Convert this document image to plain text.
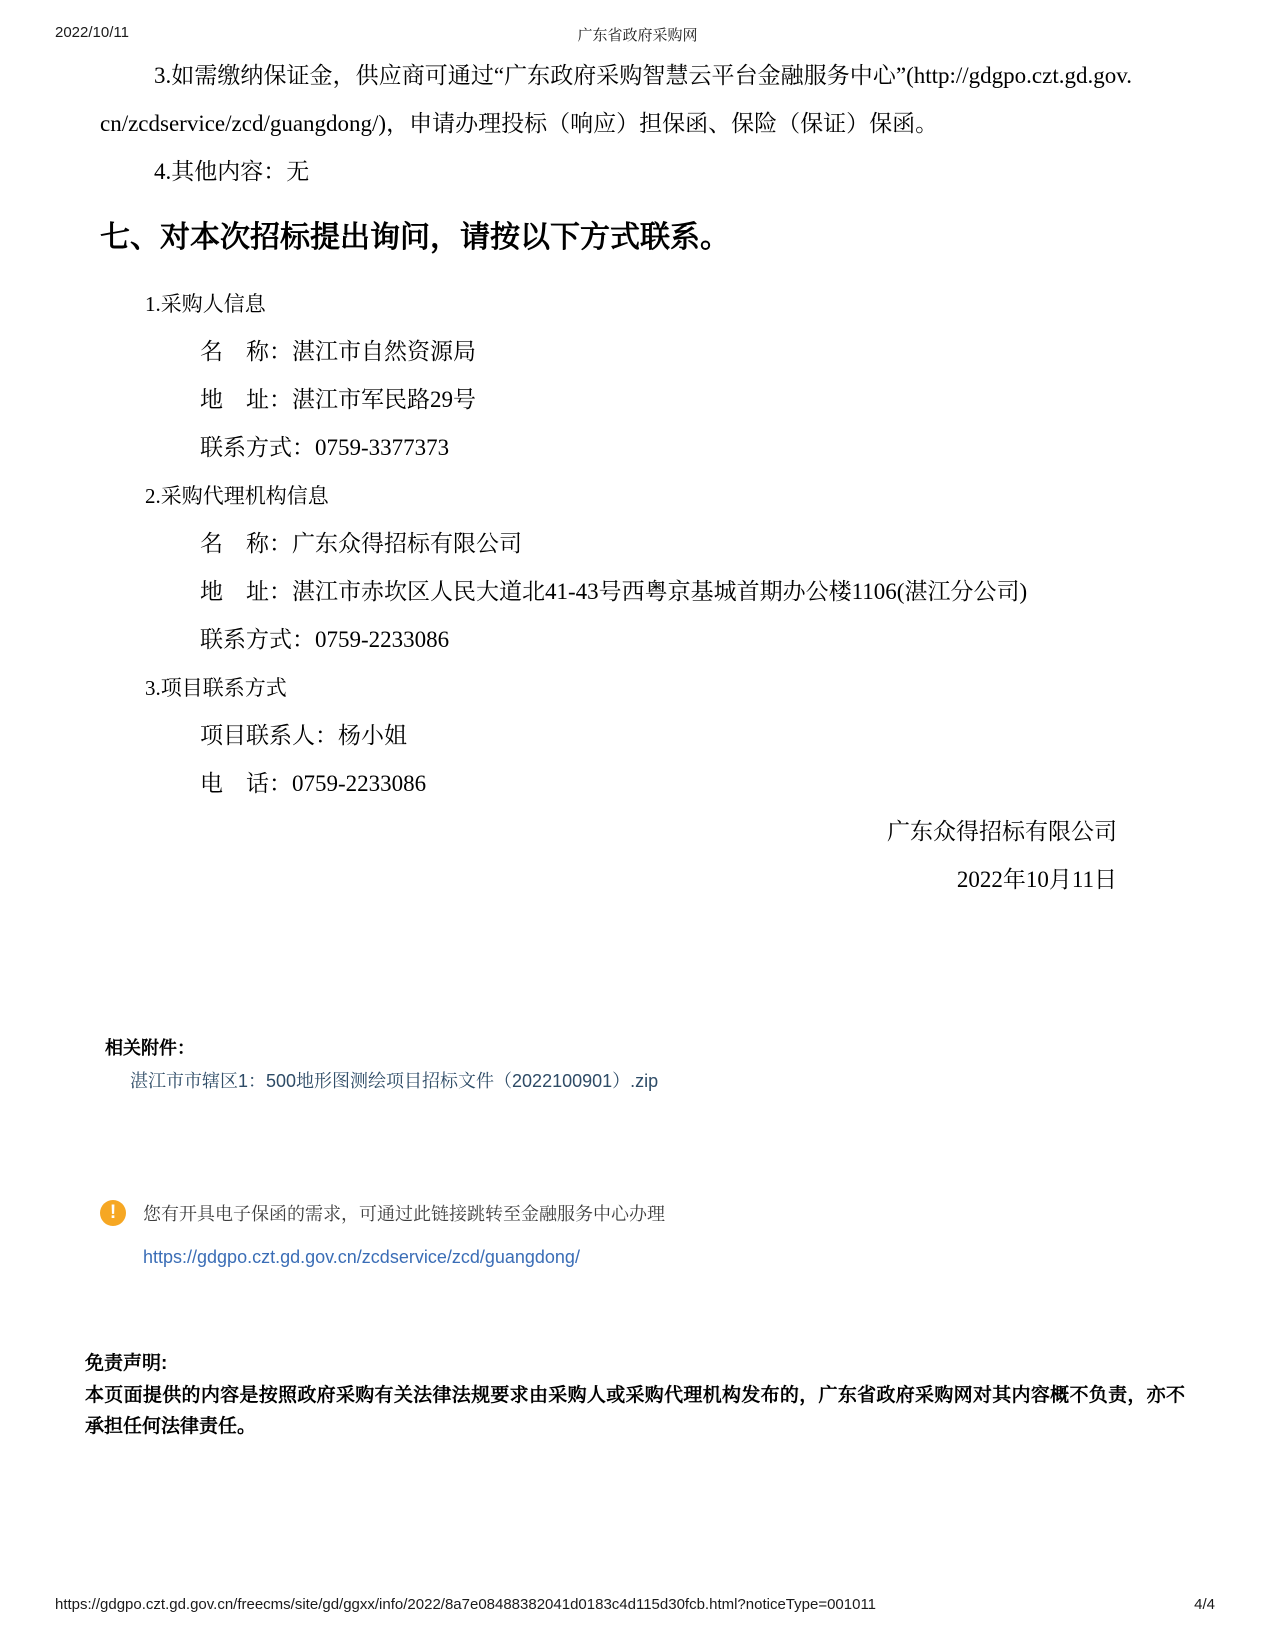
2022/10/11	广东省政府采购网

3.如需缴纳保证金，供应商可通过“广东政府采购智慧云平台金融服务中心”(http://gdgpo.czt.gd.gov.cn/zcdservice/zcd/guangdong/)，申请办理投标（响应）担保函、保险（保证）保函。

4.其他内容：无

七、对本次招标提出询问，请按以下方式联系。

1.采购人信息

名　称：湛江市自然资源局

地　址：湛江市军民路29号

联系方式：0759-3377373

2.采购代理机构信息

名　称：广东众得招标有限公司

地　址：湛江市赤坎区人民大道北41-43号西粤京基城首期办公楼1106(湛江分公司)

联系方式：0759-2233086

3.项目联系方式

项目联系人：杨小姐

电　话：0759-2233086

广东众得招标有限公司

2022年10月11日

相关附件：
湛江市市辖区1：500地形图测绘项目招标文件（2022100901）.zip
!	您有开具电子保函的需求，可通过此链接跳转至金融服务中心办理
https://gdgpo.czt.gd.gov.cn/zcdservice/zcd/guangdong/

免责声明:

本页面提供的内容是按照政府采购有关法律法规要求由采购人或采购代理机构发布的，广东省政府采购网对其内容概不负责，亦不承担任何法律责任。

https://gdgpo.czt.gd.gov.cn/freecms/site/gd/ggxx/info/2022/8a7e08488382041d0183c4d115d30fcb.html?noticeType=001011	4/4
